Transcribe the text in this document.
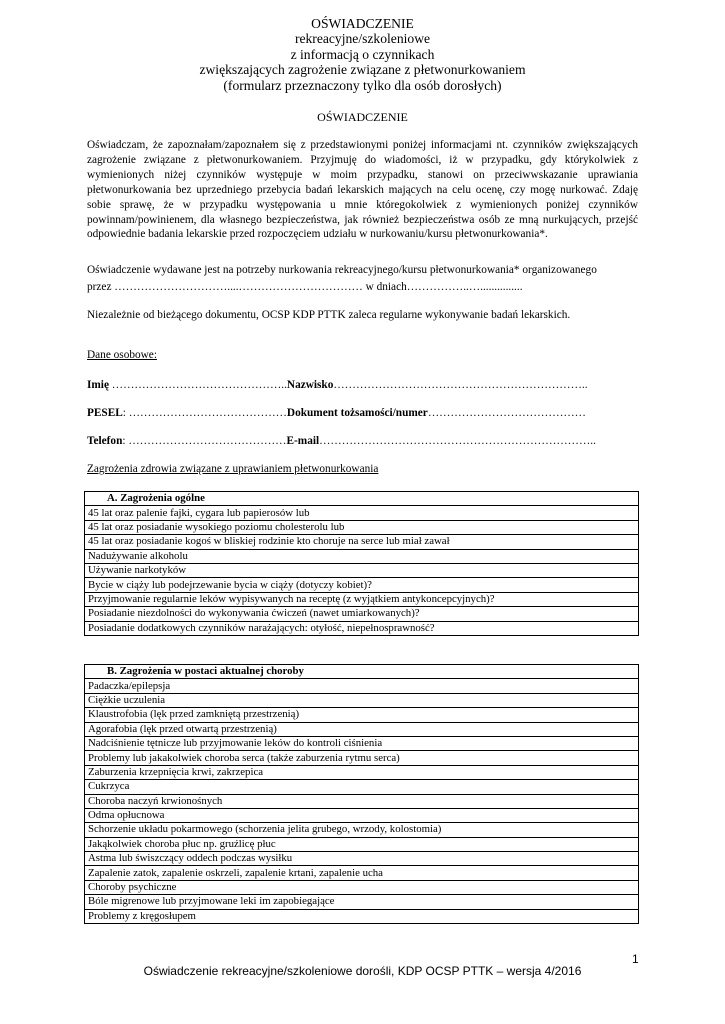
OŚWIADCZENIE
rekreacyjne/szkoleniowe
z informacją o czynnikach
zwiększających zagrożenie związane z płetwonurkowaniem
(formularz przeznaczony tylko dla osób dorosłych)
OŚWIADCZENIE
Oświadczam, że zapoznałam/zapoznałem się z przedstawionymi poniżej informacjami nt. czynników zwiększających zagrożenie związane z płetwonurkowaniem. Przyjmuję do wiadomości, iż w przypadku, gdy którykolwiek z wymienionych niżej czynników występuje w moim przypadku, stanowi on przeciwwskazanie uprawiania płetwonurkowania bez uprzedniego przebycia badań lekarskich mających na celu ocenę, czy mogę nurkować. Zdaję sobie sprawę, że w przypadku występowania u mnie któregokolwiek z wymienionych poniżej czynników powinnam/powinienem, dla własnego bezpieczeństwa, jak również bezpieczeństwa osób ze mną nurkujących, przejść odpowiednie badania lekarskie przed rozpoczęciem udziału w nurkowaniu/kursu płetwonurkowania*.
Oświadczenie wydawane jest na potrzeby nurkowania rekreacyjnego/kursu płetwonurkowania* organizowanego
przez …………………………....…………………………… w dniach……………..…...............
Niezależnie od bieżącego dokumentu, OCSP KDP PTTK zaleca regularne wykonywanie badań lekarskich.
Dane osobowe:
Imię ………………………………………..Nazwisko…………………………………………………………..
PESEL: ……………………………………Dokument tożsamości/numer……………………………………
Telefon: ……………………………………E-mail………………………………………………………………..
Zagrożenia zdrowia związane z uprawianiem płetwonurkowania
A. Zagrożenia ogólne
45 lat oraz palenie fajki, cygara lub papierosów lub
45 lat oraz posiadanie wysokiego poziomu cholesterolu lub
45 lat oraz posiadanie kogoś w bliskiej rodzinie kto choruje na serce lub miał zawał
Nadużywanie alkoholu
Używanie narkotyków
Bycie w ciąży lub podejrzewanie bycia w ciąży (dotyczy kobiet)?
Przyjmowanie regularnie leków wypisywanych na receptę (z wyjątkiem antykoncepcyjnych)?
Posiadanie niezdolności do wykonywania ćwiczeń (nawet umiarkowanych)?
Posiadanie dodatkowych czynników narażających: otyłość, niepełnosprawność?
B. Zagrożenia w postaci aktualnej choroby
Padaczka/epilepsja
Ciężkie uczulenia
Klaustrofobia (lęk przed zamkniętą przestrzenią)
Agorafobia (lęk przed otwartą przestrzenią)
Nadciśnienie tętnicze lub przyjmowanie leków do kontroli ciśnienia
Problemy lub jakakolwiek choroba serca (także zaburzenia rytmu serca)
Zaburzenia krzepnięcia krwi, zakrzepica
Cukrzyca
Choroba naczyń krwionośnych
Odma opłucnowa
Schorzenie układu pokarmowego (schorzenia jelita grubego, wrzody, kolostomia)
Jakąkolwiek choroba płuc np. gruźlicę płuc
Astma lub świszczący oddech podczas wysiłku
Zapalenie zatok, zapalenie oskrzeli, zapalenie krtani, zapalenie ucha
Choroby psychiczne
Bóle migrenowe lub przyjmowane leki im zapobiegające
Problemy z kręgosłupem
1
Oświadczenie rekreacyjne/szkoleniowe dorośli, KDP OCSP PTTK – wersja 4/2016
